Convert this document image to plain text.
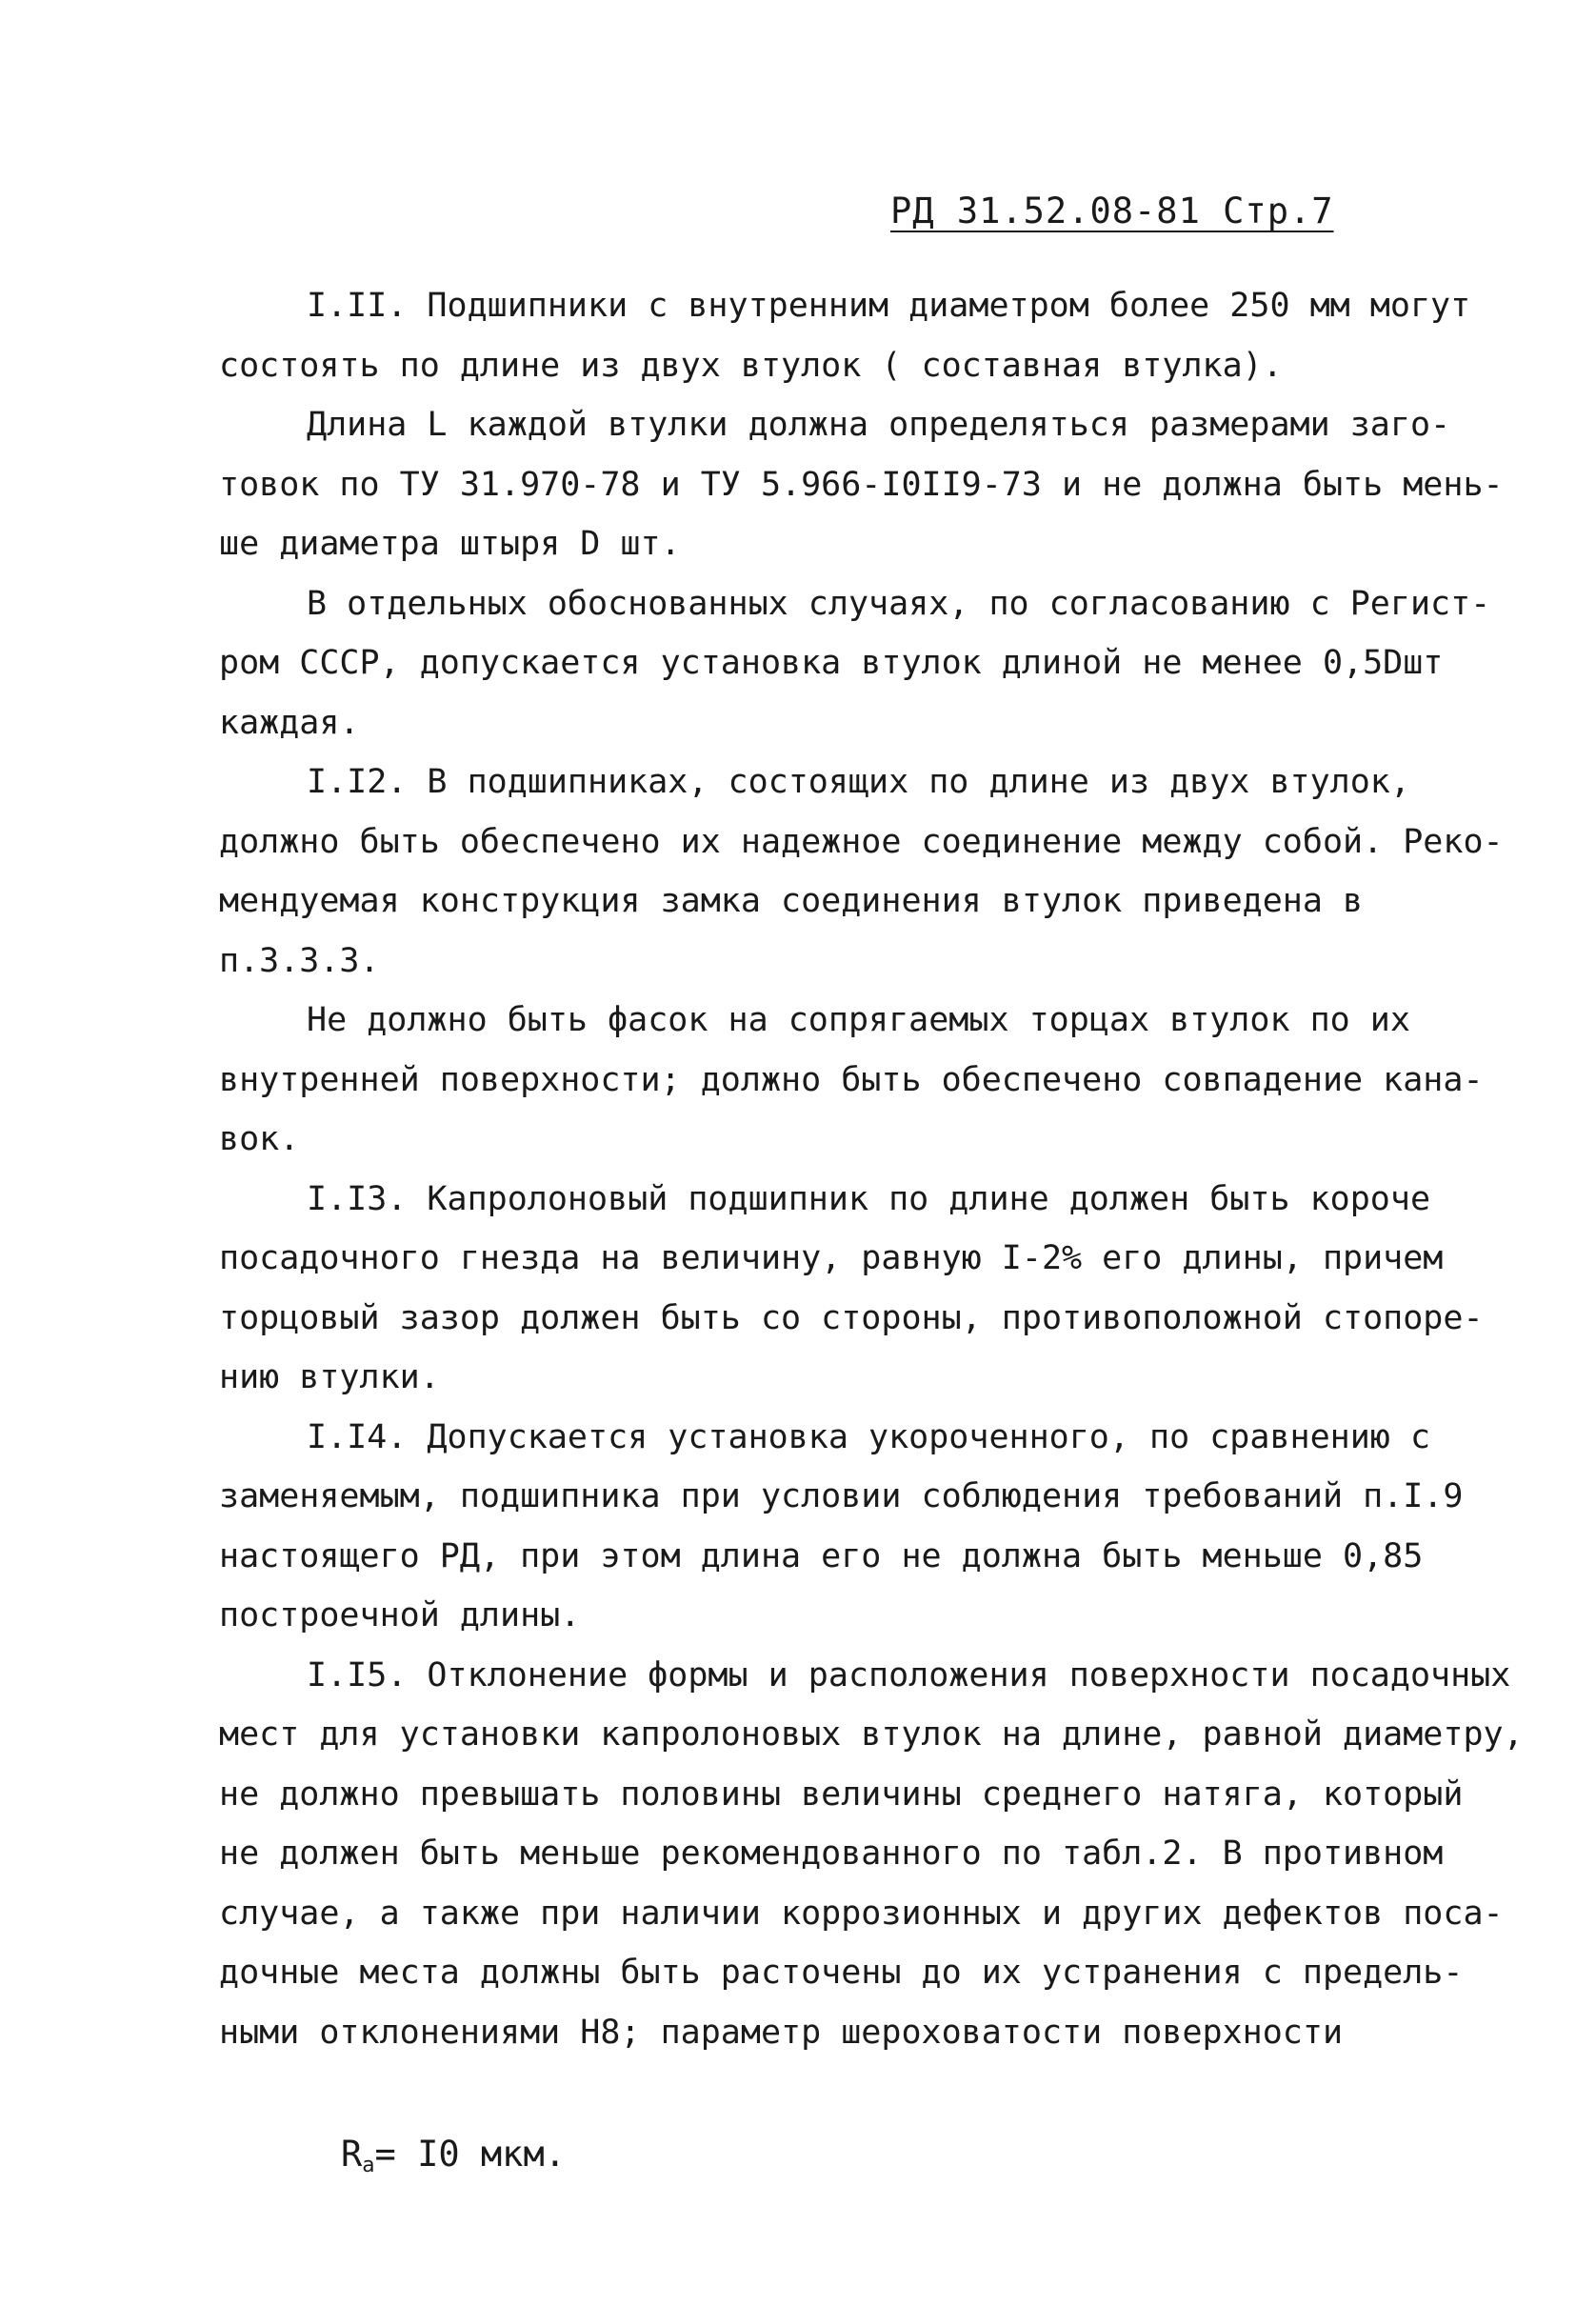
РД 31.52.08-81 Стр.7
I.II. Подшипники с внутренним диаметром более 250 мм могут
состоять по длине из двух втулок ( составная втулка).
Длина L каждой втулки должна определяться размерами заго-
товок по ТУ 31.970-78 и ТУ 5.966-I0II9-73 и не должна быть мень-
ше диаметра штыря D шт.
В отдельных обоснованных случаях, по согласованию с Регист-
ром СССР, допускается установка втулок длиной не менее 0,5Dшт
каждая.
I.I2. В подшипниках, состоящих по длине из двух втулок,
должно быть обеспечено их надежное соединение между собой. Реко-
мендуемая конструкция замка соединения втулок приведена в
п.3.3.3.
Не должно быть фасок на сопрягаемых торцах втулок по их
внутренней поверхности; должно быть обеспечено совпадение кана-
вок.
I.I3. Капролоновый подшипник по длине должен быть короче
посадочного гнезда на величину, равную I-2% его длины, причем
торцовый зазор должен быть со стороны, противоположной стопоре-
нию втулки.
I.I4. Допускается установка укороченного, по сравнению с
заменяемым, подшипника при условии соблюдения требований п.I.9
настоящего РД, при этом длина его не должна быть меньше 0,85
построечной длины.
I.I5. Отклонение формы и расположения поверхности посадочных
мест для установки капролоновых втулок на длине, равной диаметру,
не должно превышать половины величины среднего натяга, который
не должен быть меньше рекомендованного по табл.2. В противном
случае, а также при наличии коррозионных и других дефектов поса-
дочные места должны быть расточены до их устранения с предель-
ными отклонениями H8; параметр шероховатости поверхности
$R_a= I0$ мкм.
